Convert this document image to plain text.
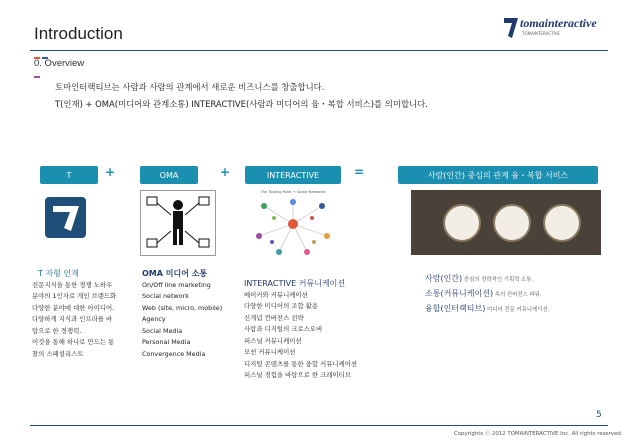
Introduction
tomainteractive
TOMAINTERACTIVE
0. Overview
토마인터랙티브는 사람과 사람의 관계에서 새로운 비즈니스를 창출합니다.
T(인재) + OMA(미디어와 관계소통) INTERACTIVE(사람과 미디어의 융・복합 서비스)를 의미합니다.
T	+	OMA	+	INTERACTIVE	=	사람(인간) 중심의 관계 융・복합 서비스
The Tipping Point + Social Networks
T 자형 인재
전문지식을 통한 경쟁 노하우
분야의 1인자로 개인 브랜드화
다양한 분야에 대한 아이디어.
다양하게 지식과 인프라를 바
탕으로 한 경쟁력.
이것을 통해 하나로 만드는 통
찰의 스페셜리스트
OMA 미디어 소통
On/Off line marketing
Social network
Web (site, micro, mobile)
Agency
Social Media
Personal Media
Convergence Media
INTERACTIVE 커뮤니케이션
메이커와 커뮤니케이션
다양한 미디어의 조합 활용
신개념 컨버전스 전략
사람과 디지털의 크로스오버
퍼스널 커뮤니케이션
모션 커뮤니케이션
디지털 콘텐츠를 통한 융합 커뮤니케이션
퍼스널 경험을 바탕으로 한 크레이티브
사람(인간) 중심의 전략적인 기획력 소통.
소통(커뮤니케이션) 속의 컨버전스 파워.
융합(인터랙티브) 미디어 전문 커뮤니케이션.
5
Copyrights ⓒ 2012 TOMAINTERACTIVE Inc. All rights reserved.
